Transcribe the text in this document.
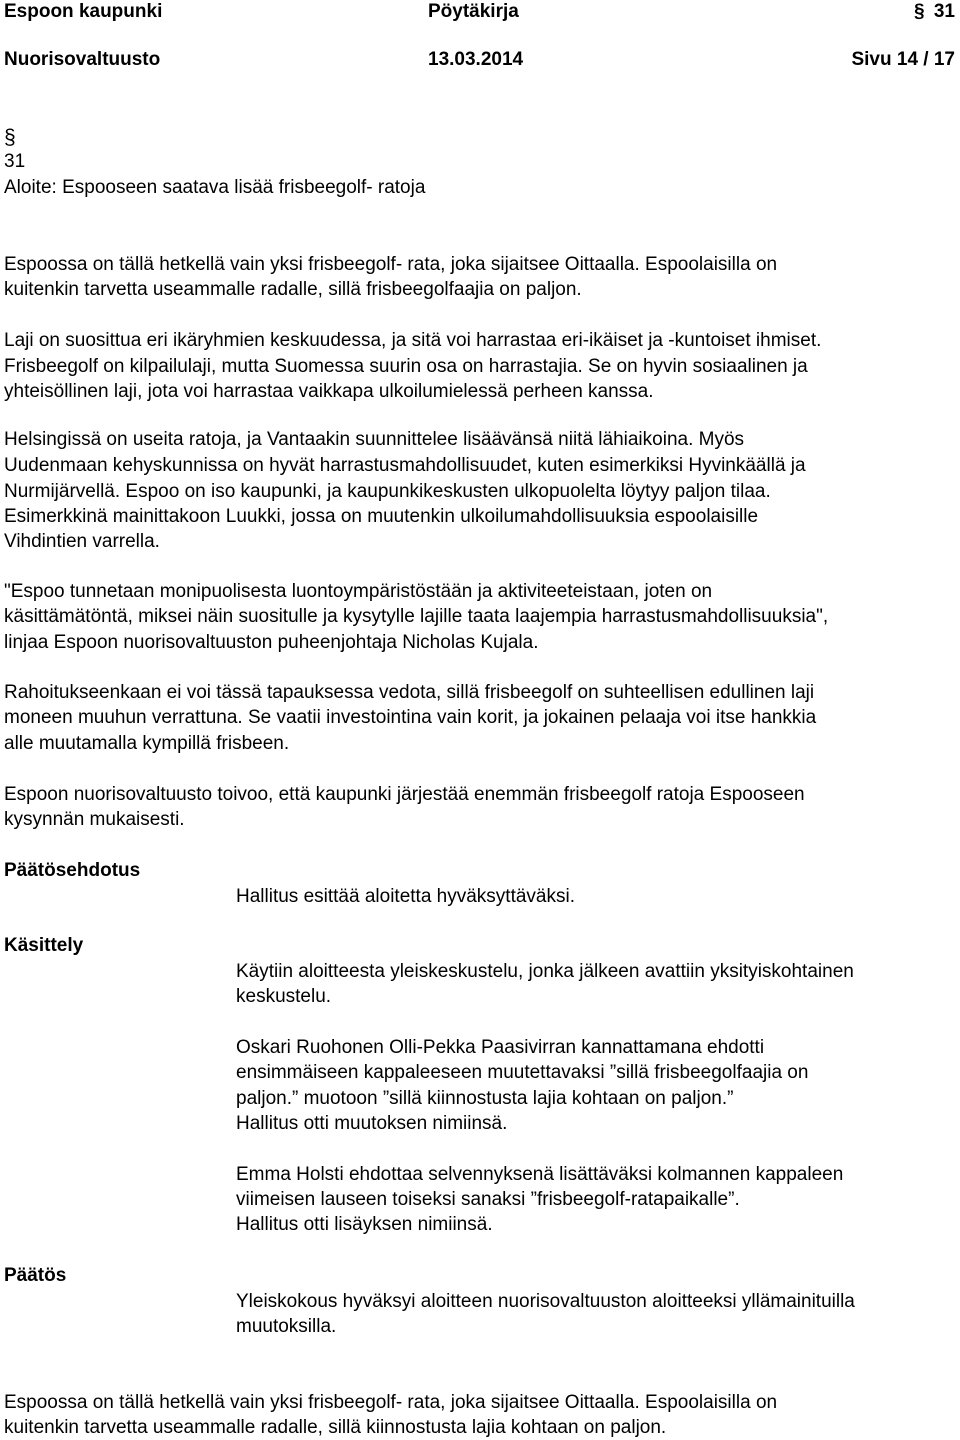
Espoon kaupunki	Pöytäkirja	§ 31
Nuorisovaltuusto	13.03.2014	Sivu 14 / 17
§
31
Aloite: Espooseen saatava lisää frisbeegolf- ratoja
Espoossa on tällä hetkellä vain yksi frisbeegolf- rata, joka sijaitsee Oittaalla. Espoolaisilla on
kuitenkin tarvetta useammalle radalle, sillä frisbeegolfaajia on paljon.
Laji on suosittua eri ikäryhmien keskuudessa, ja sitä voi harrastaa eri-ikäiset ja -kuntoiset ihmiset.
Frisbeegolf on kilpailulaji, mutta Suomessa suurin osa on harrastajia. Se on hyvin sosiaalinen ja
yhteisöllinen laji, jota voi harrastaa vaikkapa ulkoilumielessä perheen kanssa.
Helsingissä on useita ratoja, ja Vantaakin suunnittelee lisäävänsä niitä lähiaikoina. Myös
Uudenmaan kehyskunnissa on hyvät harrastusmahdollisuudet, kuten esimerkiksi Hyvinkäällä ja
Nurmijärvellä. Espoo on iso kaupunki, ja kaupunkikeskusten ulkopuolelta löytyy paljon tilaa.
Esimerkkinä mainittakoon Luukki, jossa on muutenkin ulkoilumahdollisuuksia espoolaisille
Vihdintien varrella.
"Espoo tunnetaan monipuolisesta luontoympäristöstään ja aktiviteeteistaan, joten on
käsittämätöntä, miksei näin suositulle ja kysytylle lajille taata laajempia harrastusmahdollisuuksia",
linjaa Espoon nuorisovaltuuston puheenjohtaja Nicholas Kujala.
Rahoitukseenkaan ei voi tässä tapauksessa vedota, sillä frisbeegolf on suhteellisen edullinen laji
moneen muuhun verrattuna. Se vaatii investointina vain korit, ja jokainen pelaaja voi itse hankkia
alle muutamalla kympillä frisbeen.
Espoon nuorisovaltuusto toivoo, että kaupunki järjestää enemmän frisbeegolf ratoja Espooseen
kysynnän mukaisesti.
Päätösehdotus
Hallitus esittää aloitetta hyväksyttäväksi.
Käsittely
Käytiin aloitteesta yleiskeskustelu, jonka jälkeen avattiin yksityiskohtainen
keskustelu.
Oskari Ruohonen Olli-Pekka Paasivirran kannattamana ehdotti
ensimmäiseen kappaleeseen muutettavaksi ”sillä frisbeegolfaajia on
paljon.” muotoon ”sillä kiinnostusta lajia kohtaan on paljon.”
Hallitus otti muutoksen nimiinsä.
Emma Holsti ehdottaa selvennyksenä lisättäväksi kolmannen kappaleen
viimeisen lauseen toiseksi sanaksi ”frisbeegolf-ratapaikalle”.
Hallitus otti lisäyksen nimiinsä.
Päätös
Yleiskokous hyväksyi aloitteen nuorisovaltuuston aloitteeksi yllämainituilla
muutoksilla.
Espoossa on tällä hetkellä vain yksi frisbeegolf- rata, joka sijaitsee Oittaalla. Espoolaisilla on
kuitenkin tarvetta useammalle radalle, sillä kiinnostusta lajia kohtaan on paljon.
